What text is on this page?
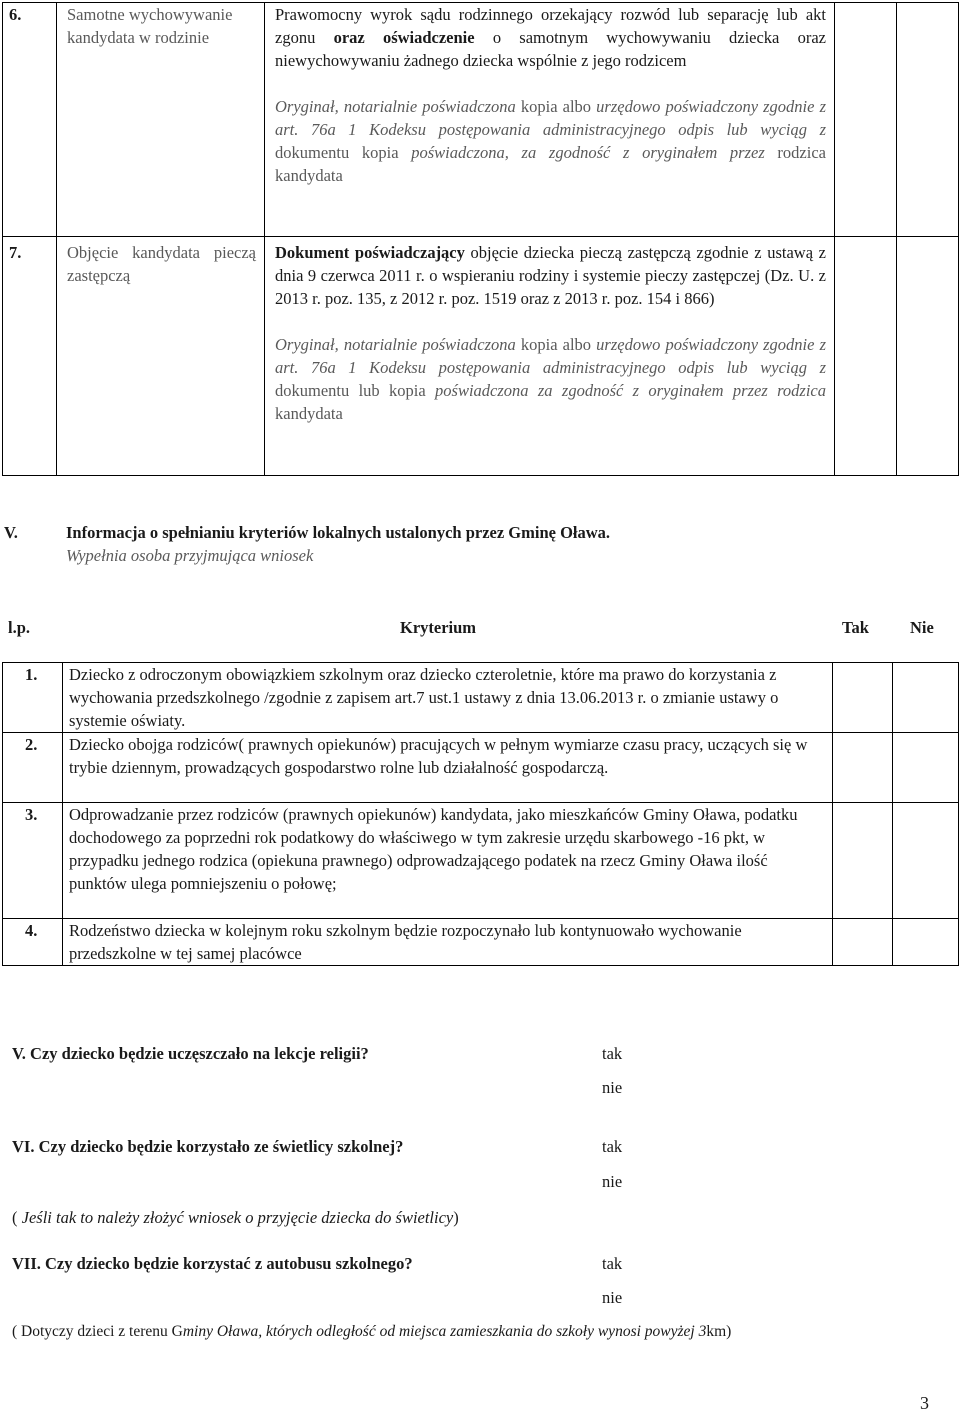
6.	Samotne wychowywanie kandydata w rodzinie	Prawomocny wyrok sądu rodzinnego orzekający rozwód lub separację lub akt zgonu oraz oświadczenie o samotnym wychowywaniu dziecka oraz niewychowywaniu żadnego dziecka wspólnie z jego rodzicem
Oryginał, notarialnie poświadczona kopia albo urzędowo poświadczony zgodnie z art. 76a 1 Kodeksu postępowania administracyjnego odpis lub wyciąg z dokumentu kopia poświadczona, za zgodność z oryginałem przez rodzica kandydata		

7.	Objęcie kandydata pieczą zastępczą	Dokument poświadczający objęcie dziecka pieczą zastępczą zgodnie z ustawą z dnia 9 czerwca 2011 r. o wspieraniu rodziny i systemie pieczy zastępczej (Dz. U. z 2013 r. poz. 135, z 2012 r. poz. 1519 oraz z 2013 r. poz. 154 i 866)
Oryginał, notarialnie poświadczona kopia albo urzędowo poświadczony zgodnie z art. 76a 1 Kodeksu postępowania administracyjnego odpis lub wyciąg z dokumentu lub kopia poświadczona za zgodność z oryginałem przez rodzica kandydata		

V.	Informacja o spełnianiu kryteriów lokalnych ustalonych przez Gminę Oława.
Wypełnia osoba przyjmująca wniosek
l.p.	Kryterium	Tak Nie
1.	Dziecko z odroczonym obowiązkiem szkolnym oraz dziecko czteroletnie, które ma prawo do korzystania z wychowania przedszkolnego /zgodnie z zapisem art.7 ust.1 ustawy z dnia 13.06.2013 r. o zmianie ustawy o systemie oświaty.		
2.	Dziecko obojga rodziców( prawnych opiekunów) pracujących w pełnym wymiarze czasu pracy, uczących się w trybie dziennym, prowadzących gospodarstwo rolne lub działalność gospodarczą.		
3.	Odprowadzanie przez rodziców (prawnych opiekunów) kandydata, jako mieszkańców Gminy Oława, podatku dochodowego za poprzedni rok podatkowy do właściwego w tym zakresie urzędu skarbowego -16 pkt, w przypadku jednego rodzica (opiekuna prawnego) odprowadzającego podatek na rzecz Gminy Oława ilość punktów ulega pomniejszeniu o połowę;		
4.	Rodzeństwo dziecka w kolejnym roku szkolnym będzie rozpoczynało lub kontynuowało wychowanie przedszkolne w tej samej placówce		
V. Czy dziecko będzie uczęszczało na lekcje religii?	tak
nie
VI. Czy dziecko będzie korzystało ze świetlicy szkolnej?	tak
nie
( Jeśli tak to należy złożyć wniosek o przyjęcie dziecka do świetlicy)
VII. Czy dziecko będzie korzystać z autobusu szkolnego?	tak
nie
( Dotyczy dzieci z terenu Gminy Oława, których odległość od miejsca zamieszkania do szkoły wynosi powyżej 3km)
3
